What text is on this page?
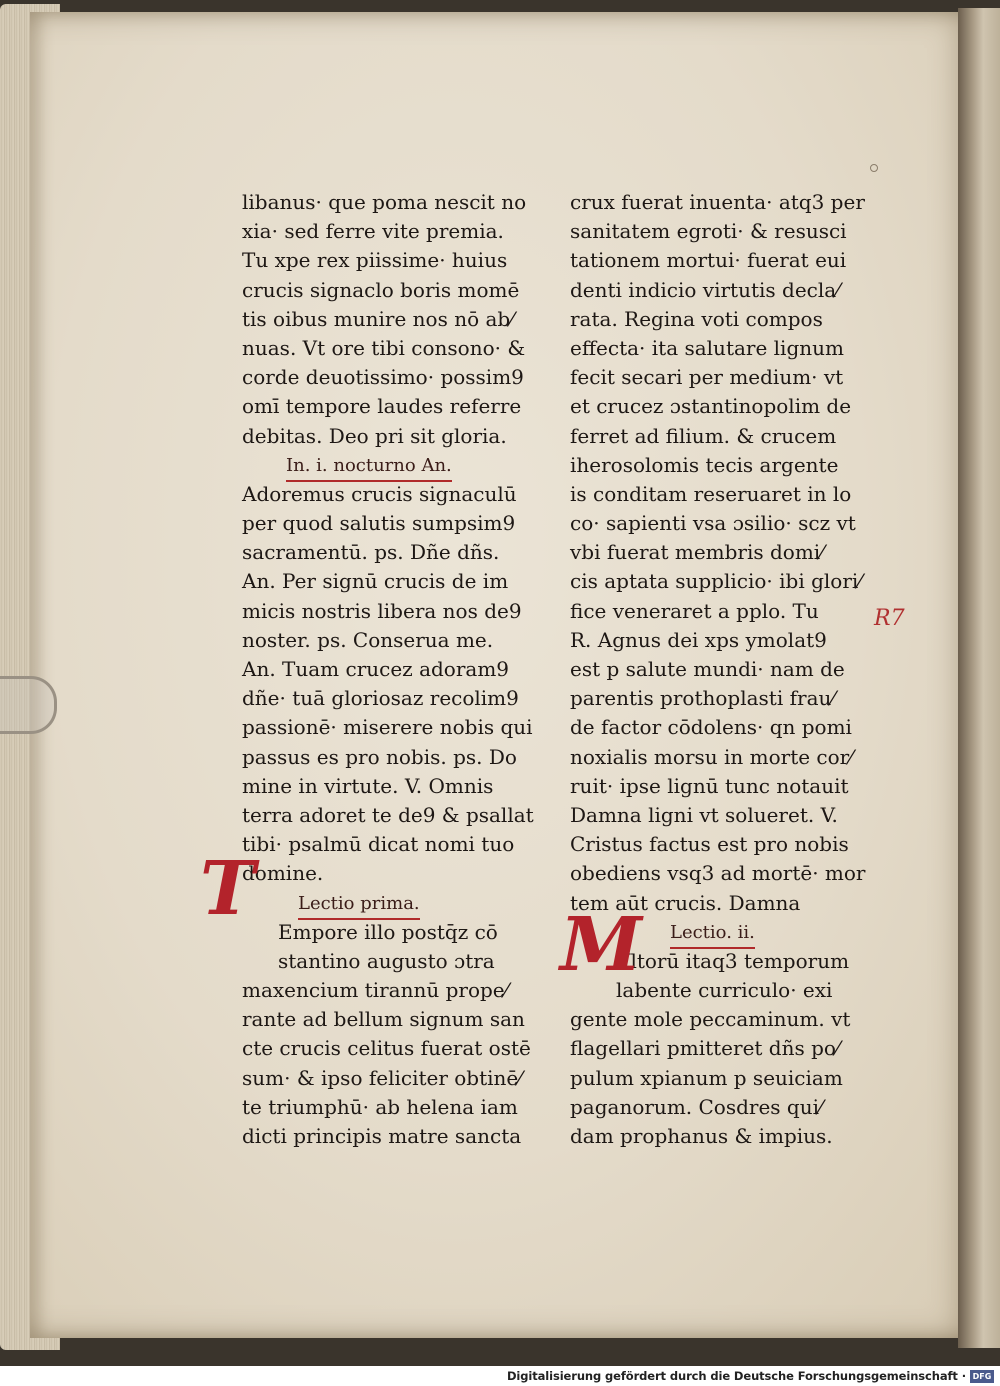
libanus· que poma nescit no
xia· sed ferre vite premia.
Tu xpe rex piissime· huius
crucis signaclo boris momē
tis oibus munire nos nō ab⁄
nuas. Vt ore tibi consono· &
corde deuotissimo· possim9
omī tempore laudes referre
debitas. Deo pri sit gloria.
In. i. nocturno An.
Adoremus crucis signaculū
per quod salutis sumpsim9
sacramentū. ps. Dñe dñs.
An. Per signū crucis de im
micis nostris libera nos de9
noster. ps. Conserua me.
An. Tuam crucez adoram9
dñe· tuā gloriosaz recolim9
passionē· miserere nobis qui
passus es pro nobis. ps. Do
mine in virtute. V. Omnis
terra adoret te de9 & psallat
tibi· psalmū dicat nomi tuo
domine.
Lectio prima.
Empore illo postq̄z cō
stantino augusto ɔtra
maxencium tirannū prope⁄
rante ad bellum signum san
cte crucis celitus fuerat ostē
sum· & ipso feliciter obtinē⁄
te triumphū· ab helena iam
dicti principis matre sancta
crux fuerat inuenta· atq3 per
sanitatem egroti· & resusci
tationem mortui· fuerat eui
denti indicio virtutis decla⁄
rata. Regina voti compos
effecta· ita salutare lignum
fecit secari per medium· vt
et crucez ɔstantinopolim de
ferret ad filium. & crucem
iherosolomis tecis argente
is conditam reseruaret in lo
co· sapienti vsa ɔsilio· scz vt
vbi fuerat membris domi⁄
cis aptata supplicio· ibi glori⁄
fice veneraret a pplo. Tu
R. Agnus dei xps ymolat9
est p salute mundi· nam de
parentis prothoplasti frau⁄
de factor cōdolens· qn pomi
noxialis morsu in morte cor⁄
ruit· ipse lignū tunc notauit
Damna ligni vt solueret. V.
Cristus factus est pro nobis
obediens vsq3 ad mortē· mor
tem aūt crucis. Damna
Lectio. ii.
Vltorū itaq3 temporum
labente curriculo· exi
gente mole peccaminum. vt
flagellari pmitteret dñs po⁄
pulum xpianum p seuiciam
paganorum. Cosdres qui⁄
dam prophanus & impius.
T
M
R7
Digitalisierung gefördert durch die Deutsche Forschungsgemeinschaft · DFG
